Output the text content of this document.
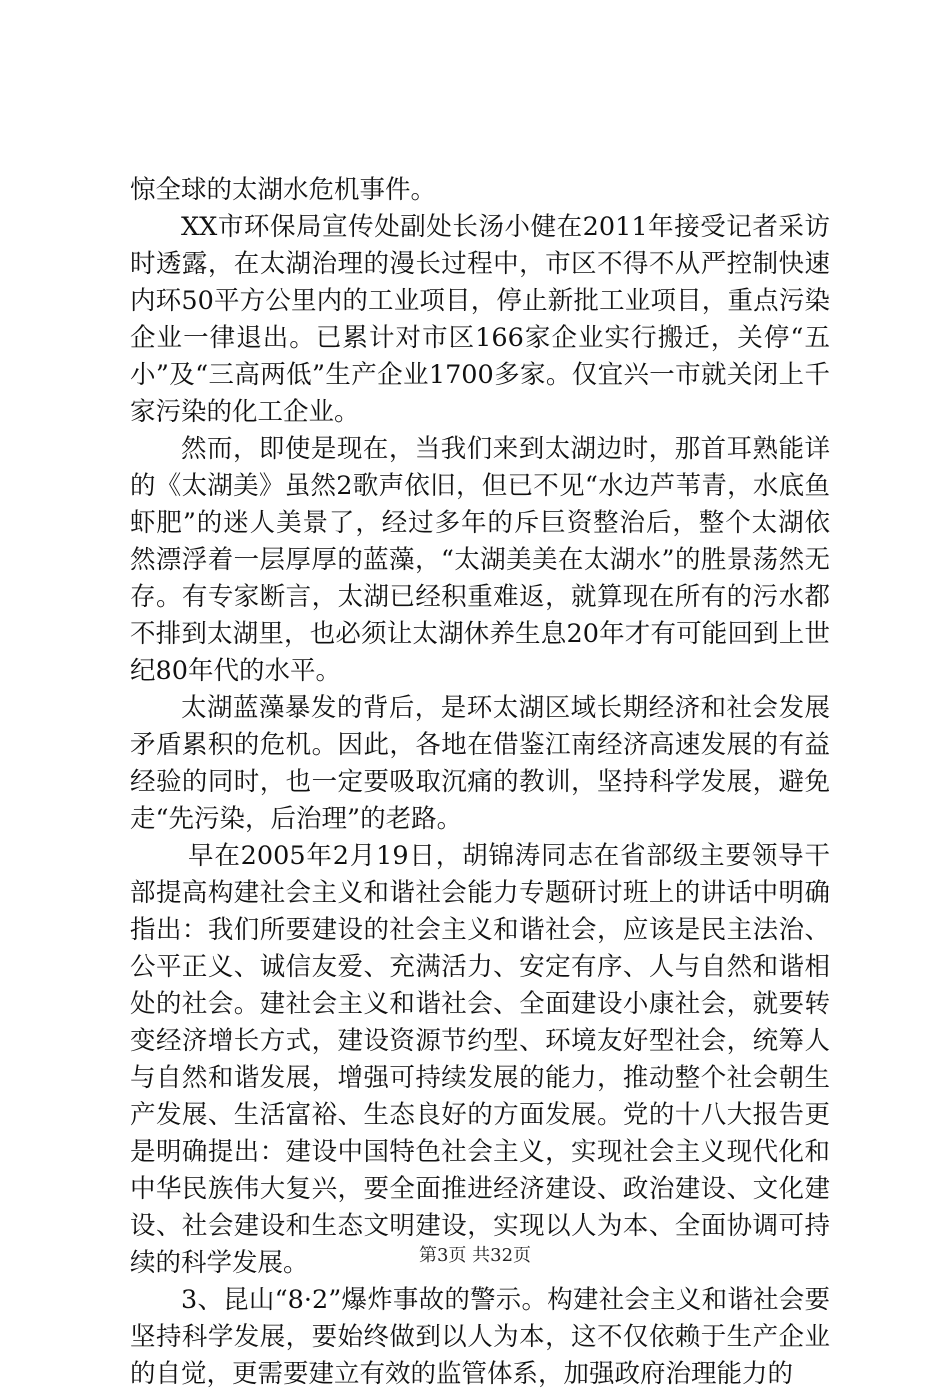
惊全球的太湖水危机事件。

XX市环保局宣传处副处长汤小健在2011年接受记者采访时透露，在太湖治理的漫长过程中，市区不得不从严控制快速内环50平方公里内的工业项目，停止新批工业项目，重点污染企业一律退出。已累计对市区166家企业实行搬迁，关停“五小”及“三高两低”生产企业1700多家。仅宜兴一市就关闭上千家污染的化工企业。

然而，即使是现在，当我们来到太湖边时，那首耳熟能详的《太湖美》虽然2歌声依旧，但已不见“水边芦苇青，水底鱼虾肥”的迷人美景了，经过多年的斥巨资整治后，整个太湖依然漂浮着一层厚厚的蓝藻，“太湖美美在太湖水”的胜景荡然无存。有专家断言，太湖已经积重难返，就算现在所有的污水都不排到太湖里，也必须让太湖休养生息20年才有可能回到上世纪80年代的水平。

太湖蓝藻暴发的背后，是环太湖区域长期经济和社会发展矛盾累积的危机。因此，各地在借鉴江南经济高速发展的有益经验的同时，也一定要吸取沉痛的教训，坚持科学发展，避免走“先污染，后治理”的老路。

早在2005年2月19日，胡锦涛同志在省部级主要领导干部提高构建社会主义和谐社会能力专题研讨班上的讲话中明确指出：我们所要建设的社会主义和谐社会，应该是民主法治、公平正义、诚信友爱、充满活力、安定有序、人与自然和谐相处的社会。建社会主义和谐社会、全面建设小康社会，就要转变经济增长方式，建设资源节约型、环境友好型社会，统筹人与自然和谐发展，增强可持续发展的能力，推动整个社会朝生产发展、生活富裕、生态良好的方面发展。党的十八大报告更是明确提出：建设中国特色社会主义，实现社会主义现代化和中华民族伟大复兴，要全面推进经济建设、政治建设、文化建设、社会建设和生态文明建设，实现以人为本、全面协调可持续的科学发展。

3、昆山“8·2”爆炸事故的警示。构建社会主义和谐社会要坚持科学发展，要始终做到以人为本，这不仅依赖于生产企业的自觉，更需要建立有效的监管体系，加强政府治理能力的

第3页 共32页
